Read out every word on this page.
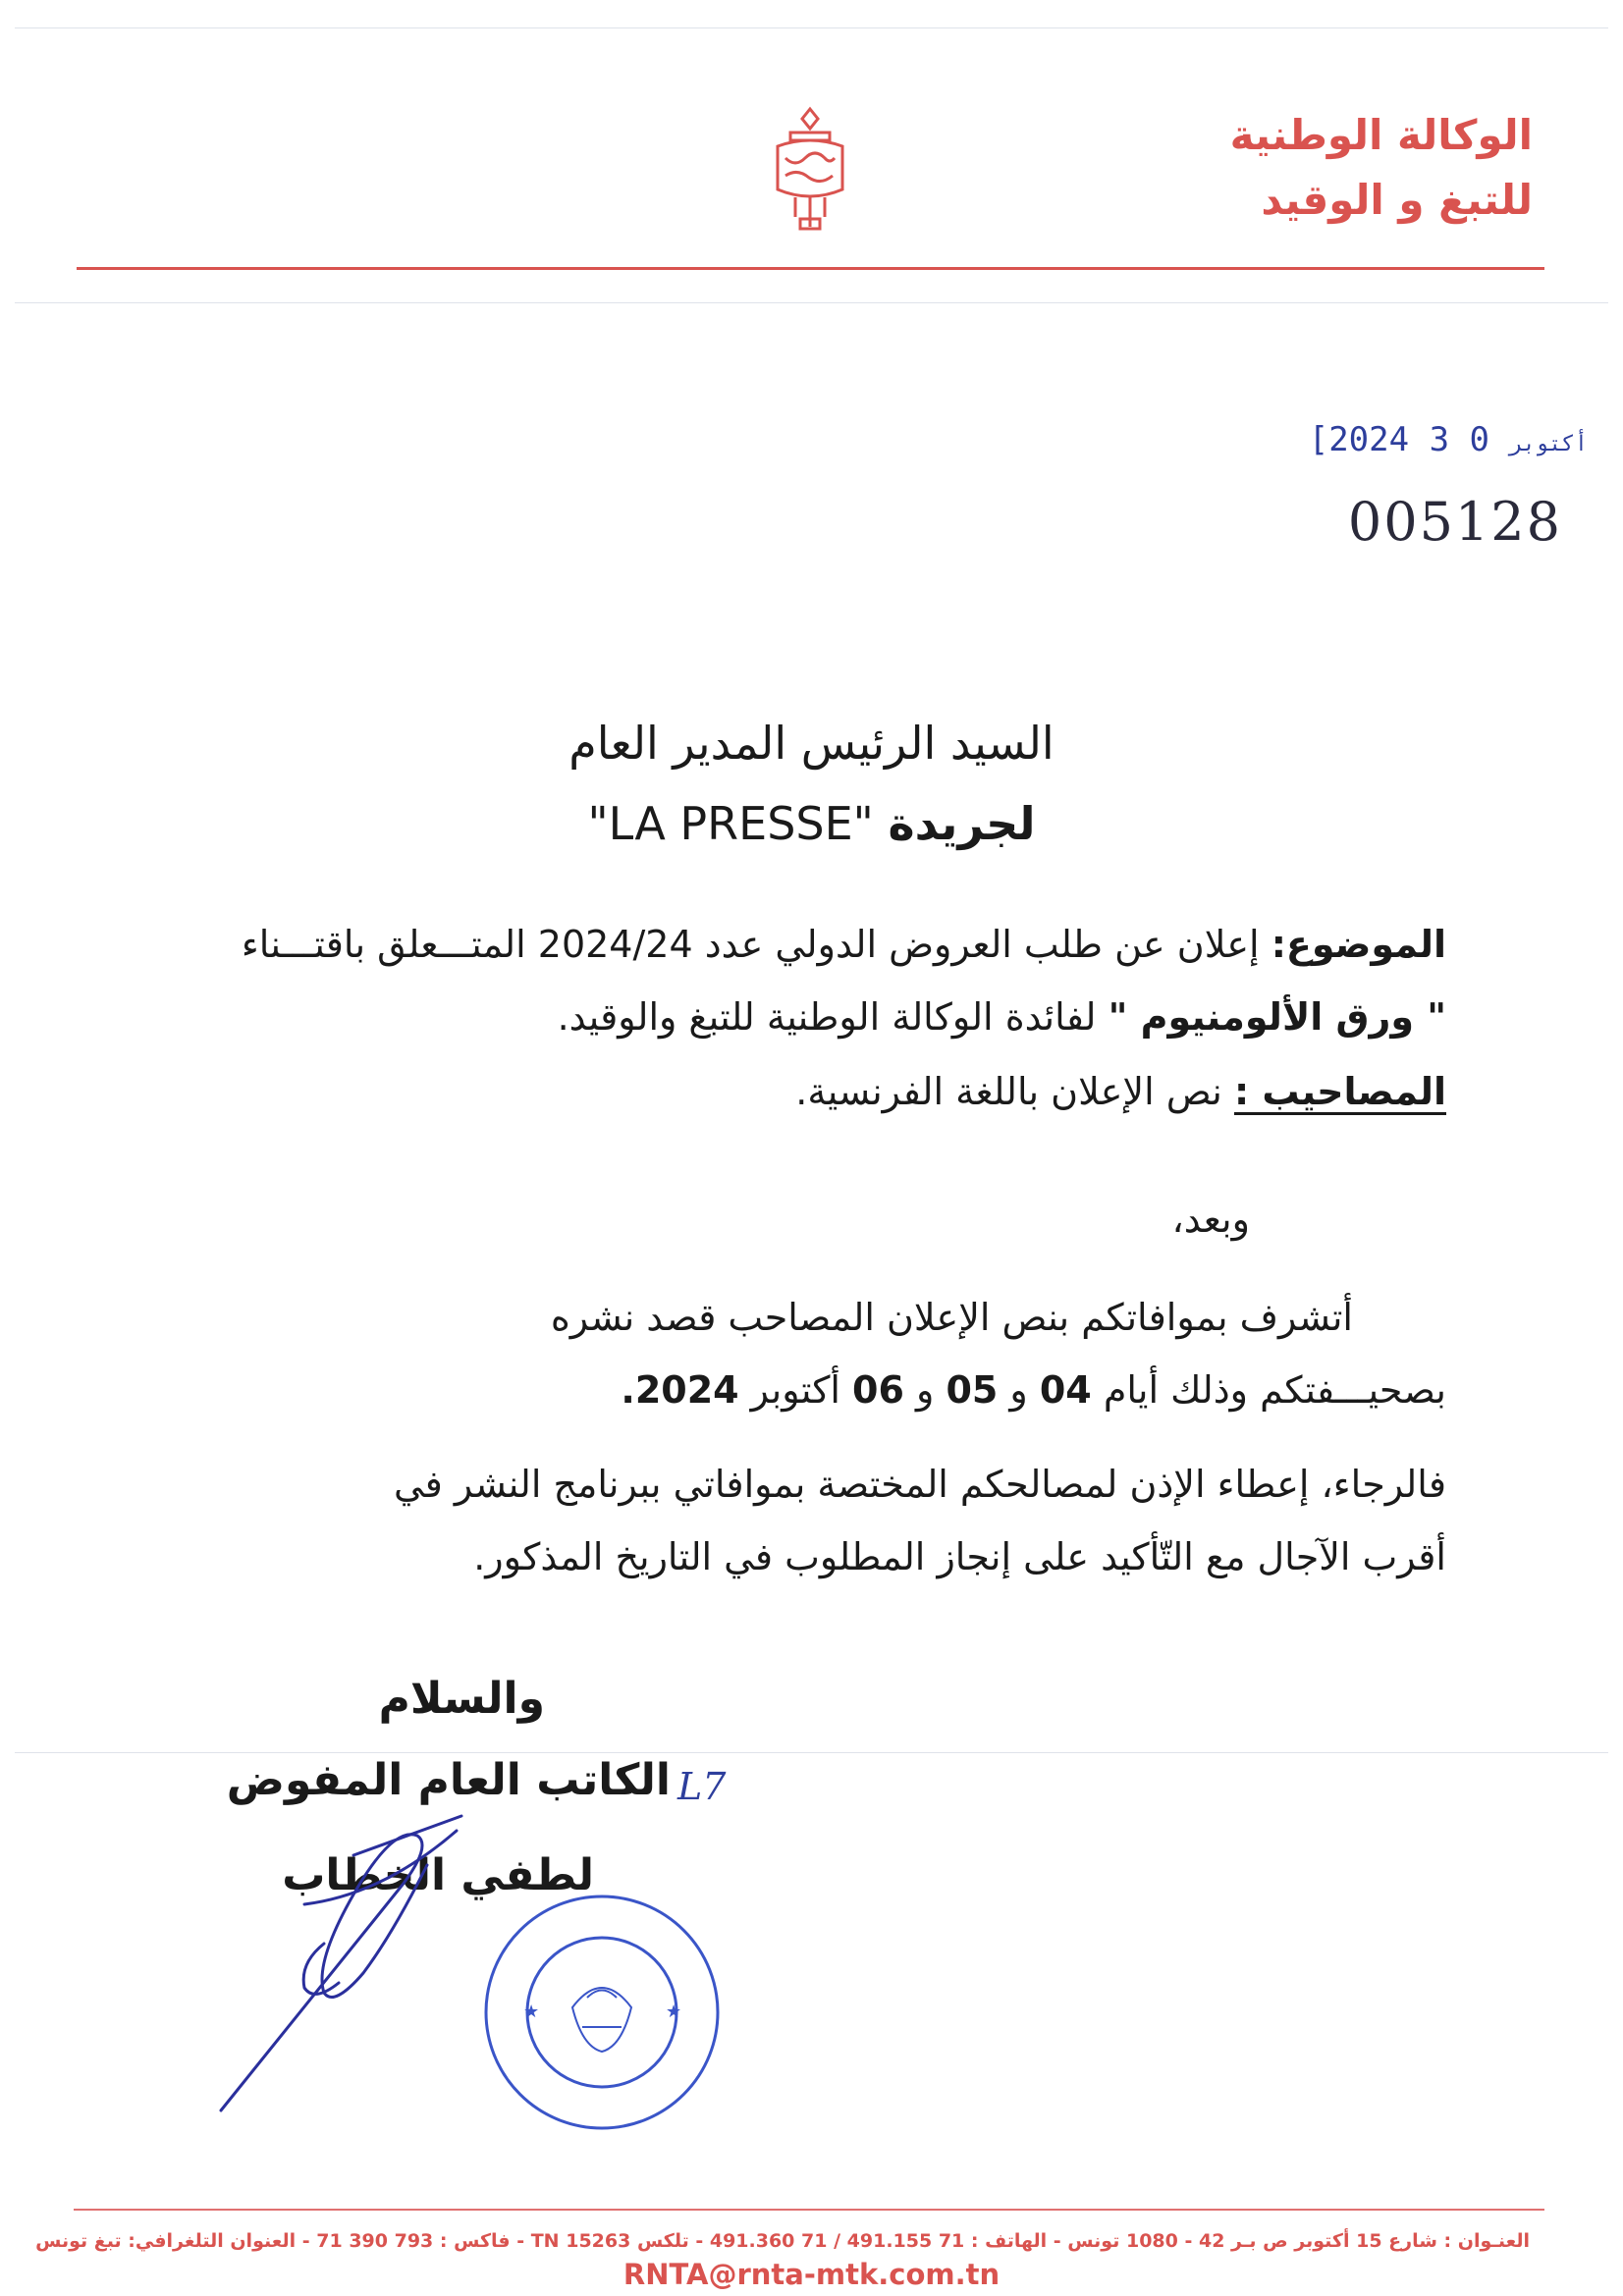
الوكالة الوطنية
للتبغ و الوقيد
[2024	أكتوبر 0 3
005128
السيد الرئيس المدير العام
لجريدة "LA PRESSE"
الموضوع: إعلان عن طلب العروض الدولي عدد 2024/24 المتـــعلق باقتـــناء
" ورق الألومنيوم " لفائدة الوكالة الوطنية للتبغ والوقيد.
المصاحيب : نص الإعلان باللغة الفرنسية.
وبعد،
أتشرف بموافاتكم بنص الإعلان المصاحب قصد نشره
بصحيـــفتكم وذلك أيام 04 و 05 و 06 أكتوبر 2024.
فالرجاء، إعطاء الإذن لمصالحكم المختصة بموافاتي ببرنامج النشر في
أقرب الآجال مع التّأكيد على إنجاز المطلوب في التاريخ المذكور.
والسلام
الكاتب العام المفوض L7
لطفي الخطاب
★	★
العنـوان : شارع 15 أكتوبر ص بـر 42 - 1080 تونس - الهاتف : 71 491.155 / 71 491.360 - تلكس 15263 TN - فاكس : 793 390 71 - العنوان التلغرافي: تبغ تونس
RNTA@rnta-mtk.com.tn
